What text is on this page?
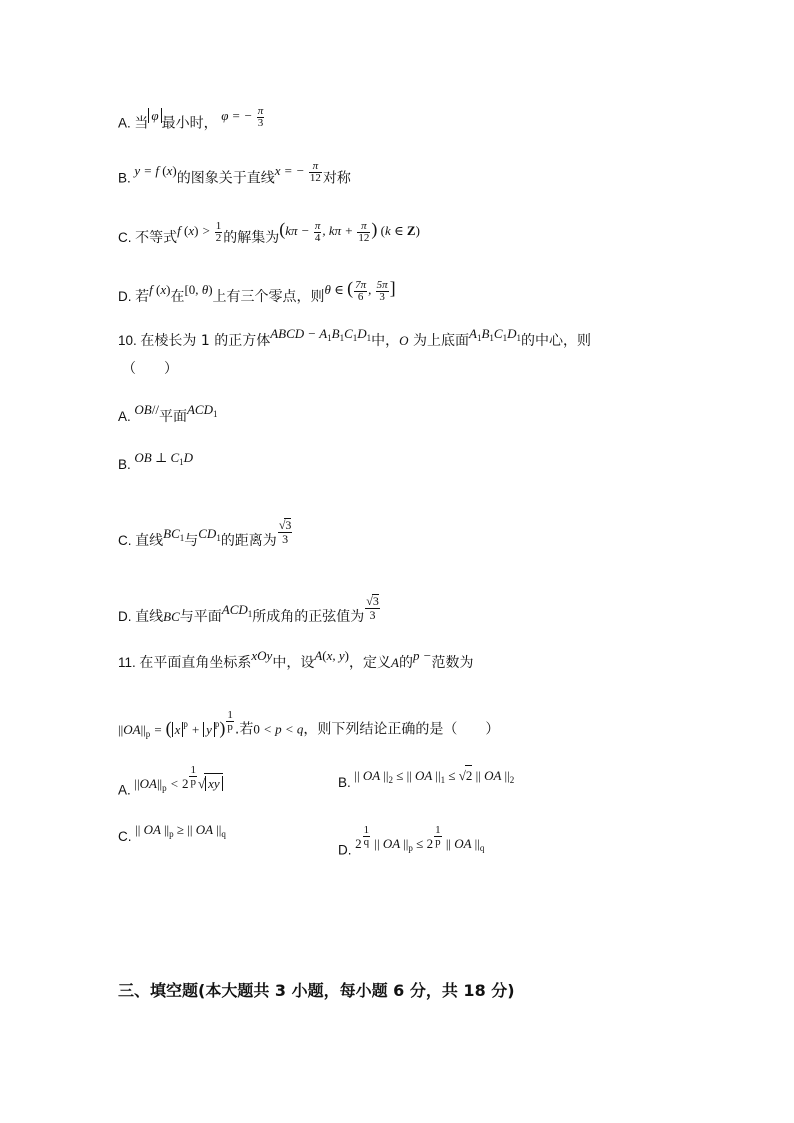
A. 当 φ 最小时， φ = − $\frac{\pi}{3}$
B. y = f (x)的图象关于直线x = − $\frac{\pi}{12}$ 对称
C. 不等式f $(x) > \frac{1}{2}$ 的解集为($k\pi - \frac{\pi}{4}$ , $k\pi + \frac{\pi}{12}$ ) (k ∈ Z)
D. 若f (x)在[0, θ)上有三个零点，则θ ∈ ( $\frac{7\pi}{6}$ , $\frac{5\pi}{3}$ ]
10. 在棱长为 1 的正方体ABCD − $A_1B_1C_1D_1$中，O 为上底面$A_1B_1C_1D_1$的中心，则
（　　）
A. OB//平面$ACD_1$
B. OB ⊥ $C_1D$
C. 直线$BC_1$与$CD_1$的距离为 $\frac{√3}{3}$
D. 直线BC与平面$ACD_1$所成角的正弦值为 $\frac{√3}{3}$
11. 在平面直角坐标系xOy中，设A(x, y)，定义A的p −范数为
$||OA||_p$ = ( x $^p$ + y $^p$) $^{\frac{1}{p}}$ .若0 < p < q，则下列结论正确的是（　　）
A. $||OA||_p < 2$ $^{\frac{1}{p}}$ √ xy	B. || OA $||_2$ ≤ || OA $||_1 \le √2$ || OA $||_2$
C. || OA $||_p$ ≥ || OA $||_q$
D. 2 $^{\frac{1}{q}}$ || OA $||_p \le 2$ $^{\frac{1}{p}}$ || OA $||_q$
三、填空题(本大题共 3 小题，每小题 6 分，共 18 分)
